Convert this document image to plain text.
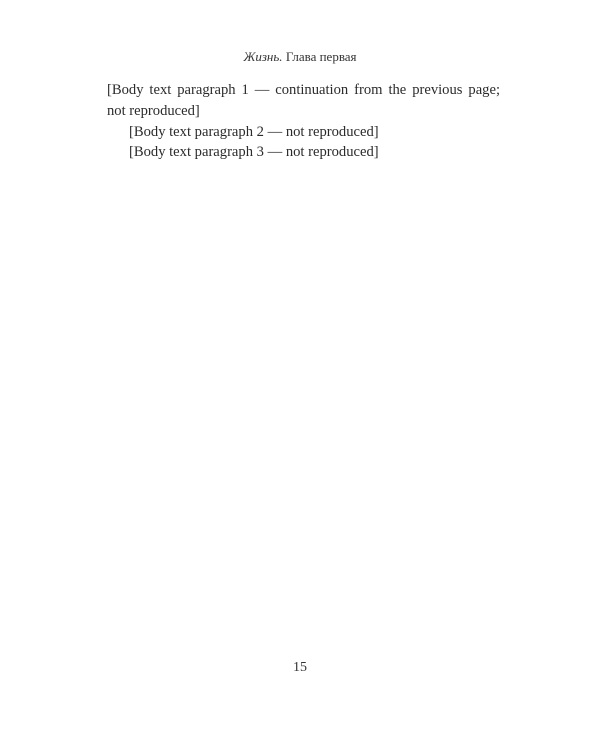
Жизнь. Глава первая

[Body text paragraph 1 — continuation from the previous page; not reproduced]

[Body text paragraph 2 — not reproduced]

[Body text paragraph 3 — not reproduced]

15
